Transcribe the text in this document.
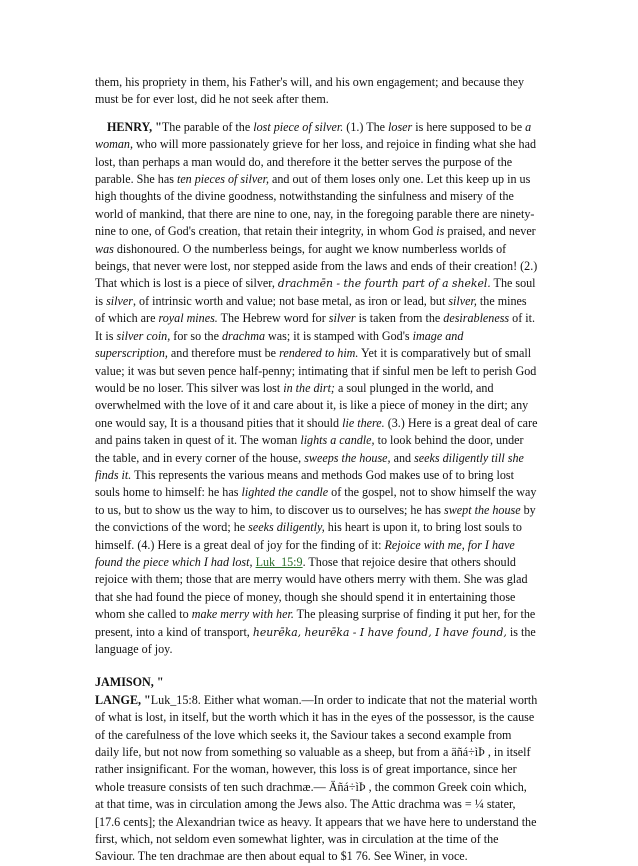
them, his propriety in them, his Father's will, and his own engagement; and because they must be for ever lost, did he not seek after them.

HENRY, "The parable of the lost piece of silver. (1.) The loser is here supposed to be a woman, who will more passionately grieve for her loss, and rejoice in finding what she had lost, than perhaps a man would do, and therefore it the better serves the purpose of the parable. She has ten pieces of silver, and out of them loses only one. Let this keep up in us high thoughts of the divine goodness, notwithstanding the sinfulness and misery of the world of mankind, that there are nine to one, nay, in the foregoing parable there are ninety-nine to one, of God's creation, that retain their integrity, in whom God is praised, and never was dishonoured. O the numberless beings, for aught we know numberless worlds of beings, that never were lost, nor stepped aside from the laws and ends of their creation! (2.) That which is lost is a piece of silver, drachmēn - the fourth part of a shekel. The soul is silver, of intrinsic worth and value; not base metal, as iron or lead, but silver, the mines of which are royal mines. The Hebrew word for silver is taken from the desirableness of it. It is silver coin, for so the drachma was; it is stamped with God's image and superscription, and therefore must be rendered to him. Yet it is comparatively but of small value; it was but seven pence half-penny; intimating that if sinful men be left to perish God would be no loser. This silver was lost in the dirt; a soul plunged in the world, and overwhelmed with the love of it and care about it, is like a piece of money in the dirt; any one would say, It is a thousand pities that it should lie there. (3.) Here is a great deal of care and pains taken in quest of it. The woman lights a candle, to look behind the door, under the table, and in every corner of the house, sweeps the house, and seeks diligently till she finds it. This represents the various means and methods God makes use of to bring lost souls home to himself: he has lighted the candle of the gospel, not to show himself the way to us, but to show us the way to him, to discover us to ourselves; he has swept the house by the convictions of the word; he seeks diligently, his heart is upon it, to bring lost souls to himself. (4.) Here is a great deal of joy for the finding of it: Rejoice with me, for I have found the piece which I had lost, Luk_15:9. Those that rejoice desire that others should rejoice with them; those that are merry would have others merry with them. She was glad that she had found the piece of money, though she should spend it in entertaining those whom she called to make merry with her. The pleasing surprise of finding it put her, for the present, into a kind of transport, heurēka, heurēka - I have found, I have found, is the language of joy.

JAMISON, "

LANGE, "Luk_15:8. Either what woman.—In order to indicate that not the material worth of what is lost, in itself, but the worth which it has in the eyes of the possessor, is the cause of the carefulness of the love which seeks it, the Saviour takes a second example from daily life, but not now from something so valuable as a sheep, but from a äñá÷ìÞ , in itself rather insignificant. For the woman, however, this loss is of great importance, since her whole treasure consists of ten such drachmæ.— Äñá÷ìÞ , the common Greek coin which, at that time, was in circulation among the Jews also. The Attic drachma was = ¼ stater, [17.6 cents]; the Alexandrian twice as heavy. It appears that we have here to understand the first, which, not seldom even somewhat lighter, was in circulation at the time of the Saviour. The ten drachmae are then about equal to $1 76. See Winer, in voce.
